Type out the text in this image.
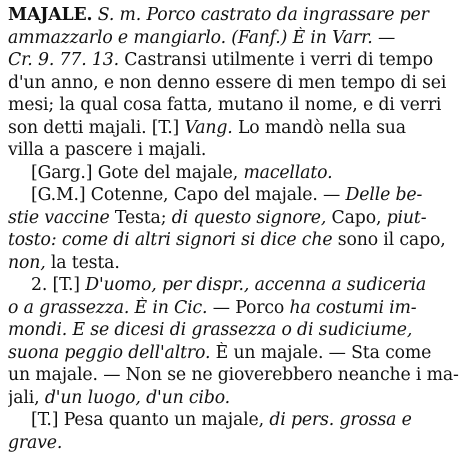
MAJALE. S. m. Porco castrato da ingrassare per
ammazzarlo e mangiarlo. (Fanf.) È in Varr. —
Cr. 9. 77. 13. Castransi utilmente i verri di tempo
d'un anno, e non denno essere di men tempo di sei
mesi; la qual cosa fatta, mutano il nome, e di verri
son detti majali. [T.] Vang. Lo mandò nella sua
villa a pascere i majali.
[Garg.] Gote del majale, macellato.
[G.M.] Cotenne, Capo del majale. — Delle be-
stie vaccine Testa; di questo signore, Capo, piut-
tosto: come di altri signori si dice che sono il capo,
non, la testa.
2. [T.] D'uomo, per dispr., accenna a sudiceria
o a grassezza. È in Cic. — Porco ha costumi im-
mondi. E se dicesi di grassezza o di sudiciume,
suona peggio dell'altro. È un majale. — Sta come
un majale. — Non se ne gioverebbero neanche i ma-
jali, d'un luogo, d'un cibo.
[T.] Pesa quanto un majale, di pers. grossa e
grave.
